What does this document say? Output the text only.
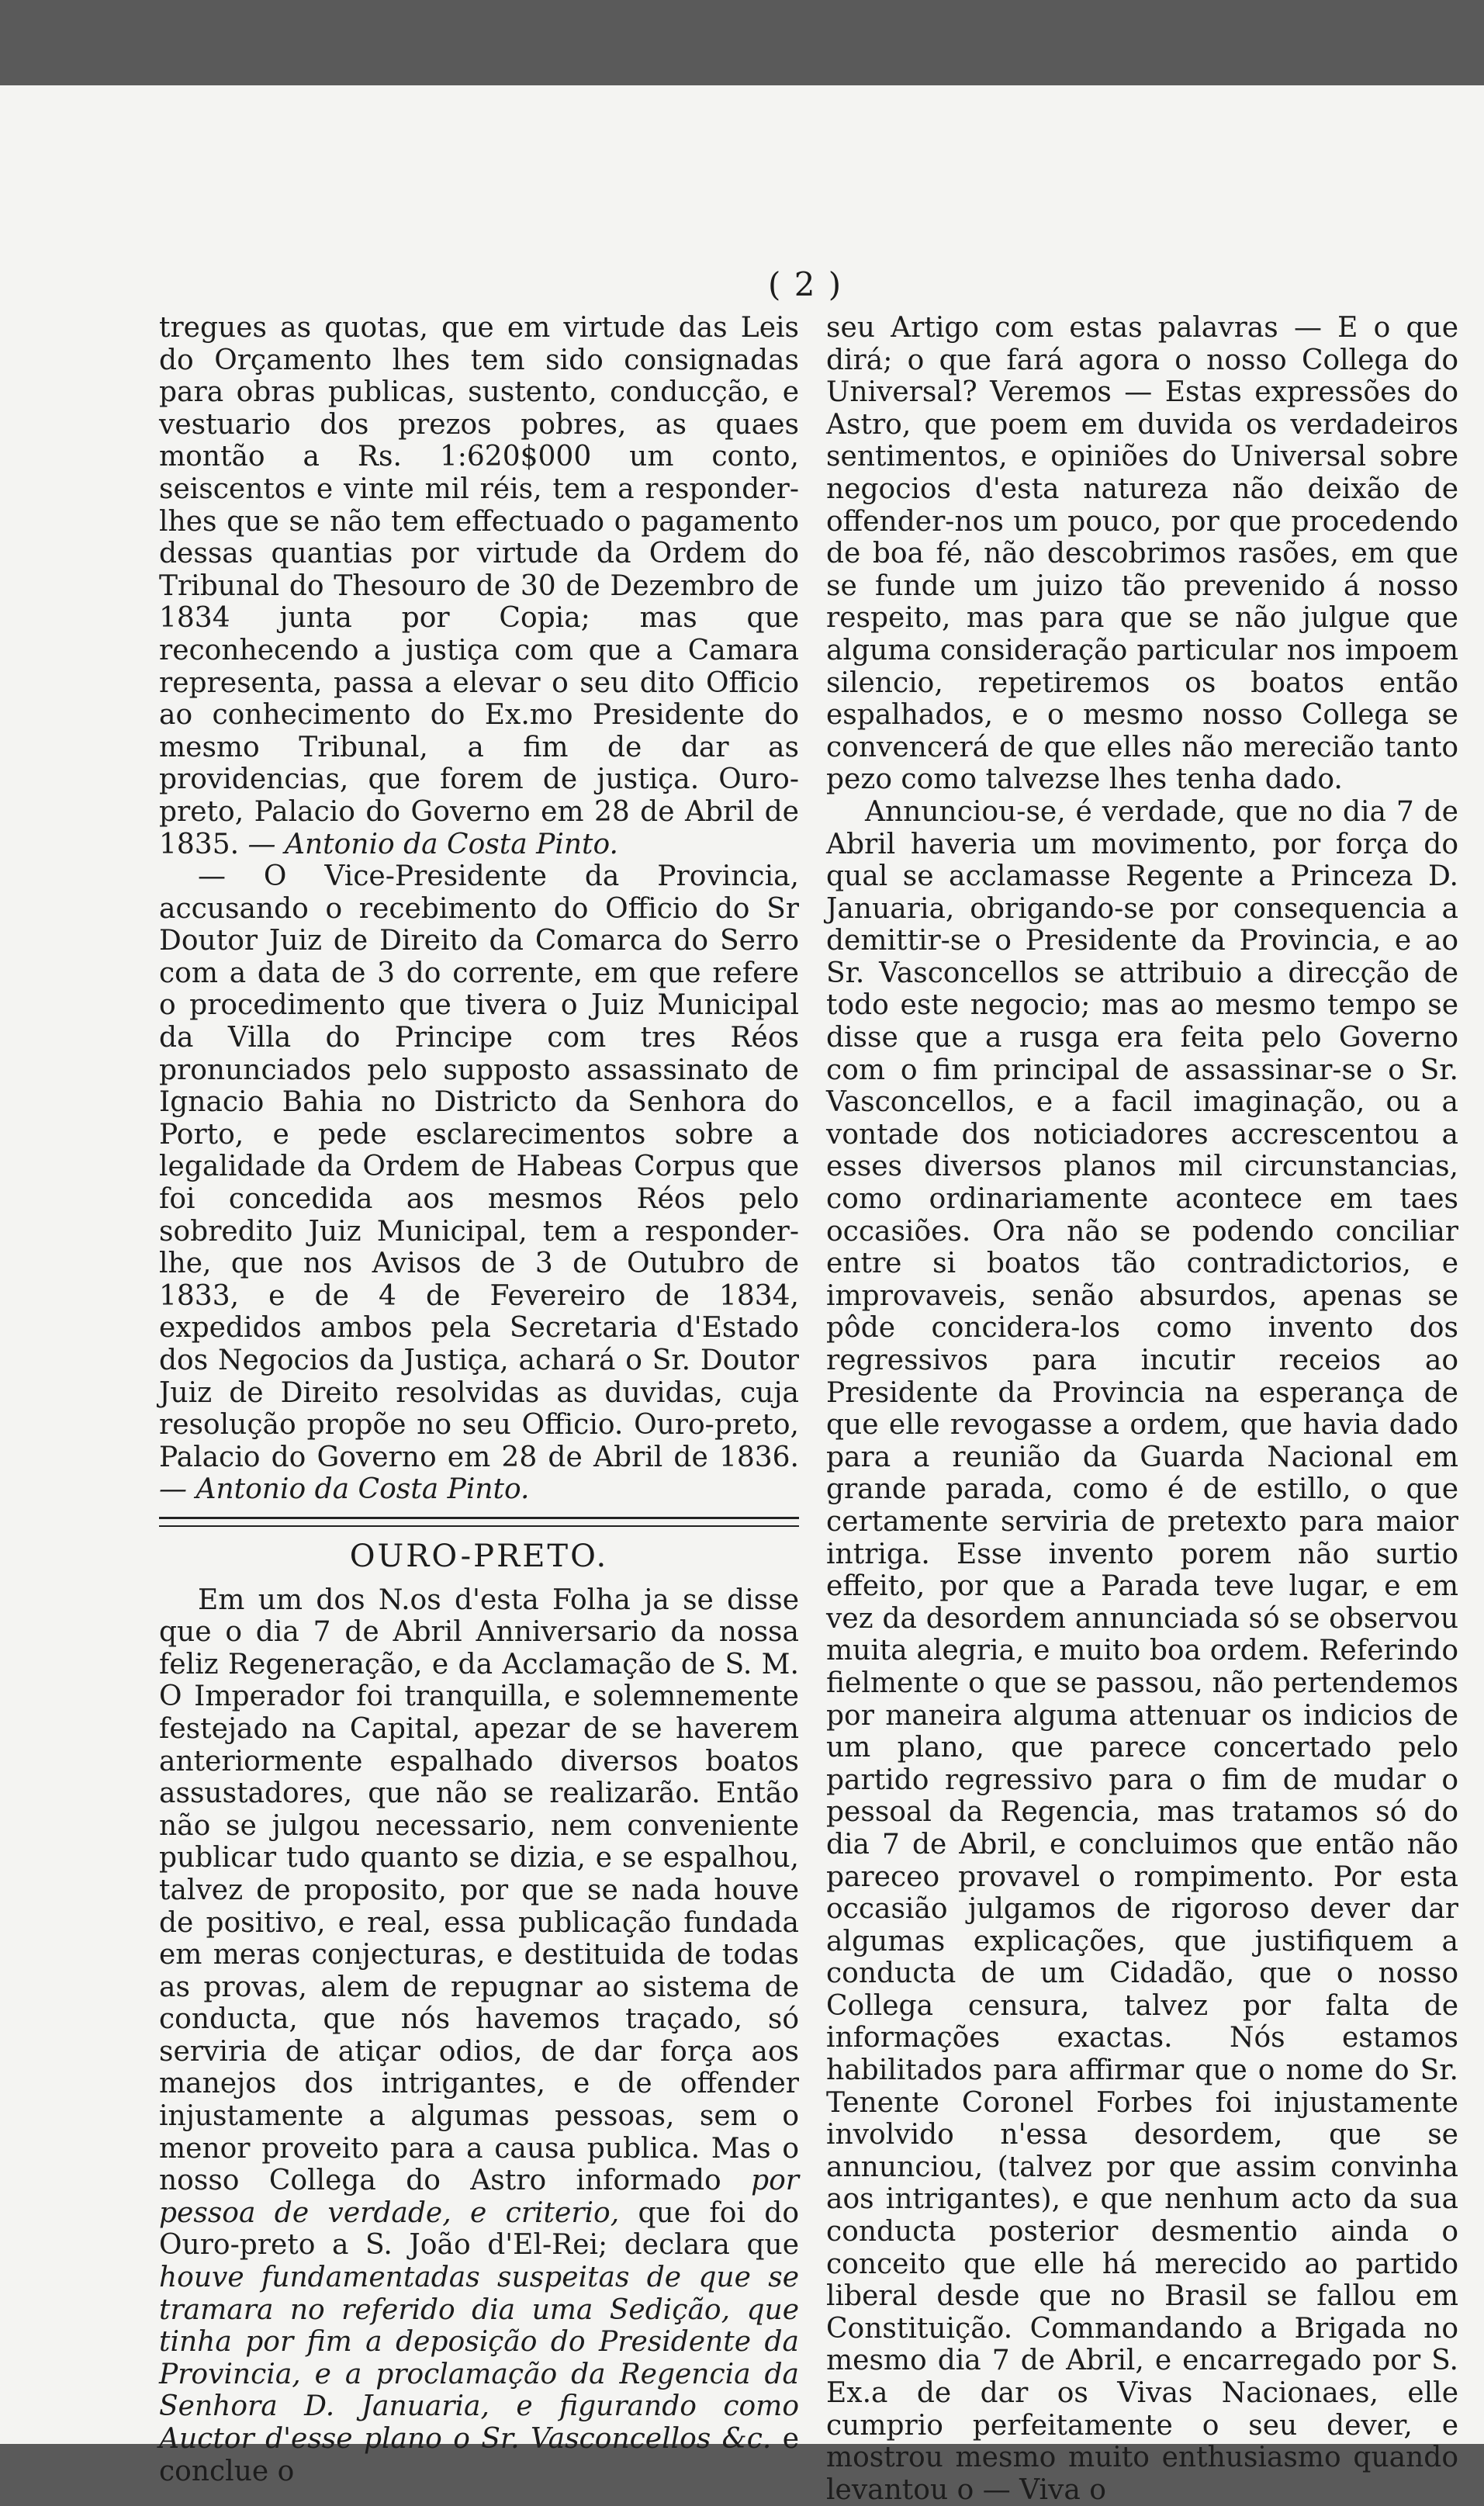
( 2 )

tregues as quotas, que em virtude das Leis do Orçamento lhes tem sido consignadas para obras publicas, sustento, conducção, e vestuario dos prezos pobres, as quaes montão a Rs. 1:620$000 um conto, seiscentos e vinte mil réis, tem a responder-lhes que se não tem effectuado o pagamento dessas quantias por virtude da Ordem do Tribunal do Thesouro de 30 de Dezembro de 1834 junta por Copia; mas que reconhecendo a justiça com que a Camara representa, passa a elevar o seu dito Officio ao conhecimento do Ex.mo Presidente do mesmo Tribunal, a fim de dar as providencias, que forem de justiça. Ouro-preto, Palacio do Governo em 28 de Abril de 1835. — Antonio da Costa Pinto.

— O Vice-Presidente da Provincia, accusando o recebimento do Officio do Sr Doutor Juiz de Direito da Comarca do Serro com a data de 3 do corrente, em que refere o procedimento que tivera o Juiz Municipal da Villa do Principe com tres Réos pronunciados pelo supposto assassinato de Ignacio Bahia no Districto da Senhora do Porto, e pede esclarecimentos sobre a legalidade da Ordem de Habeas Corpus que foi concedida aos mesmos Réos pelo sobredito Juiz Municipal, tem a responder-lhe, que nos Avisos de 3 de Outubro de 1833, e de 4 de Fevereiro de 1834, expedidos ambos pela Secretaria d'Estado dos Negocios da Justiça, achará o Sr. Doutor Juiz de Direito resolvidas as duvidas, cuja resolução propõe no seu Officio. Ouro-preto, Palacio do Governo em 28 de Abril de 1836. — Antonio da Costa Pinto.

OURO-PRETO.

Em um dos N.os d'esta Folha ja se disse que o dia 7 de Abril Anniversario da nossa feliz Regeneração, e da Acclamação de S. M. O Imperador foi tranquilla, e solemnemente festejado na Capital, apezar de se haverem anteriormente espalhado diversos boatos assustadores, que não se realizarão. Então não se julgou necessario, nem conveniente publicar tudo quanto se dizia, e se espalhou, talvez de proposito, por que se nada houve de positivo, e real, essa publicação fundada em meras conjecturas, e destituida de todas as provas, alem de repugnar ao sistema de conducta, que nós havemos traçado, só serviria de atiçar odios, de dar força aos manejos dos intrigantes, e de offender injustamente a algumas pessoas, sem o menor proveito para a causa publica. Mas o nosso Collega do Astro informado por pessoa de verdade, e criterio, que foi do Ouro-preto a S. João d'El-Rei; declara que houve fundamentadas suspeitas de que se tramara no referido dia uma Sedição, que tinha por fim a deposição do Presidente da Provincia, e a proclamação da Regencia da Senhora D. Januaria, e figurando como Auctor d'esse plano o Sr. Vasconcellos &c. e conclue o

seu Artigo com estas palavras — E o que dirá; o que fará agora o nosso Collega do Universal? Veremos — Estas expressões do Astro, que poem em duvida os verdadeiros sentimentos, e opiniões do Universal sobre negocios d'esta natureza não deixão de offender-nos um pouco, por que procedendo de boa fé, não descobrimos rasões, em que se funde um juizo tão prevenido á nosso respeito, mas para que se não julgue que alguma consideração particular nos impoem silencio, repetiremos os boatos então espalhados, e o mesmo nosso Collega se convencerá de que elles não merecião tanto pezo como talvezse lhes tenha dado.

Annunciou-se, é verdade, que no dia 7 de Abril haveria um movimento, por força do qual se acclamasse Regente a Princeza D. Januaria, obrigando-se por consequencia a demittir-se o Presidente da Provincia, e ao Sr. Vasconcellos se attribuio a direcção de todo este negocio; mas ao mesmo tempo se disse que a rusga era feita pelo Governo com o fim principal de assassinar-se o Sr. Vasconcellos, e a facil imaginação, ou a vontade dos noticiadores accrescentou a esses diversos planos mil circunstancias, como ordinariamente acontece em taes occasiões. Ora não se podendo conciliar entre si boatos tão contradictorios, e improvaveis, senão absurdos, apenas se pôde concidera-los como invento dos regressivos para incutir receios ao Presidente da Provincia na esperança de que elle revogasse a ordem, que havia dado para a reunião da Guarda Nacional em grande parada, como é de estillo, o que certamente serviria de pretexto para maior intriga. Esse invento porem não surtio effeito, por que a Parada teve lugar, e em vez da desordem annunciada só se observou muita alegria, e muito boa ordem. Referindo fielmente o que se passou, não pertendemos por maneira alguma attenuar os indicios de um plano, que parece concertado pelo partido regressivo para o fim de mudar o pessoal da Regencia, mas tratamos só do dia 7 de Abril, e concluimos que então não pareceo provavel o rompimento. Por esta occasião julgamos de rigoroso dever dar algumas explicações, que justifiquem a conducta de um Cidadão, que o nosso Collega censura, talvez por falta de informações exactas. Nós estamos habilitados para affirmar que o nome do Sr. Tenente Coronel Forbes foi injustamente involvido n'essa desordem, que se annunciou, (talvez por que assim convinha aos intrigantes), e que nenhum acto da sua conducta posterior desmentio ainda o conceito que elle há merecido ao partido liberal desde que no Brasil se fallou em Constituição. Commandando a Brigada no mesmo dia 7 de Abril, e encarregado por S. Ex.a de dar os Vivas Nacionaes, elle cumprio perfeitamente o seu dever, e mostrou mesmo muito enthusiasmo quando levantou o — Viva o
